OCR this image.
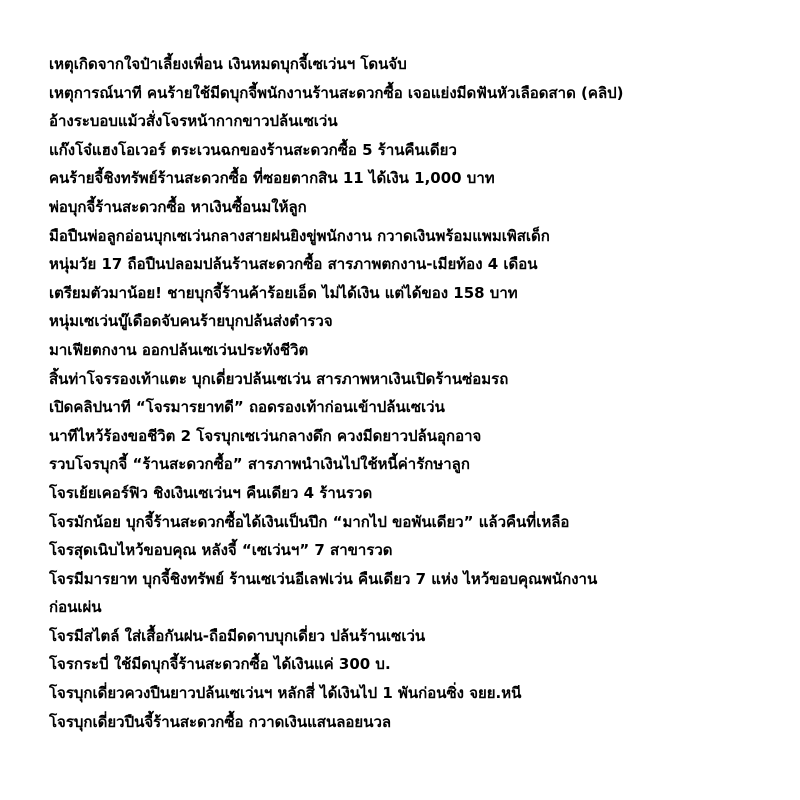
เหตุเกิดจากใจป๋าเลี้ยงเพื่อน เงินหมดบุกจี้เซเว่นฯ โดนจับ
เหตุการณ์นาที คนร้ายใช้มีดบุกจี้พนักงานร้านสะดวกซื้อ เจอแย่งมีดฟันหัวเลือดสาด (คลิป)
อ้างระบอบแม้วสั่งโจรหน้ากากขาวปล้นเซเว่น
แก๊งโจ๋แฮงโอเวอร์ ตระเวนฉกของร้านสะดวกซื้อ 5 ร้านคืนเดียว
คนร้ายจี้ชิงทรัพย์ร้านสะดวกซื้อ ที่ซอยตากสิน 11 ได้เงิน 1,000 บาท
พ่อบุกจี้ร้านสะดวกซื้อ หาเงินซื้อนมให้ลูก
มือปืนพ่อลูกอ่อนบุกเซเว่นกลางสายฝนยิงขู่พนักงาน กวาดเงินพร้อมแพมเพิสเด็ก
หนุ่มวัย 17 ถือปืนปลอมปล้นร้านสะดวกซื้อ สารภาพตกงาน-เมียท้อง 4 เดือน
เตรียมตัวมาน้อย! ชายบุกจี้ร้านค้าร้อยเอ็ด ไม่ได้เงิน แต่ได้ของ 158 บาท
หนุ่มเซเว่นบู๊เดือดจับคนร้ายบุกปล้นส่งตำรวจ
มาเฟียตกงาน ออกปล้นเซเว่นประทังชีวิต
สิ้นท่าโจรรองเท้าแตะ บุกเดี่ยวปล้นเซเว่น สารภาพหาเงินเปิดร้านซ่อมรถ
เปิดคลิปนาที “โจรมารยาทดี” ถอดรองเท้าก่อนเข้าปล้นเซเว่น
นาทีไหว้ร้องขอชีวิต 2 โจรบุกเซเว่นกลางดึก ควงมีดยาวปล้นอุกอาจ
รวบโจรบุกจี้ “ร้านสะดวกซื้อ” สารภาพนำเงินไปใช้หนี้ค่ารักษาลูก
โจรเย้ยเคอร์ฟิว ชิงเงินเซเว่นฯ คืนเดียว 4 ร้านรวด
โจรมักน้อย บุกจี้ร้านสะดวกซื้อได้เงินเป็นปึก “มากไป ขอพันเดียว” แล้วคืนที่เหลือ
โจรสุดเนิบไหว้ขอบคุณ หลังจี้ “เซเว่นฯ” 7 สาขารวด
โจรมีมารยาท บุกจี้ชิงทรัพย์ ร้านเซเว่นอีเลฟเว่น คืนเดียว 7 แห่ง ไหว้ขอบคุณพนักงาน
ก่อนเผ่น
โจรมีสไตล์ ใส่เสื้อกันฝน-ถือมีดดาบบุกเดี่ยว ปล้นร้านเซเว่น
โจรกระบี่ ใช้มีดบุกจี้ร้านสะดวกซื้อ ได้เงินแค่ 300 บ.
โจรบุกเดี่ยวควงปืนยาวปล้นเซเว่นฯ หลักสี่ ได้เงินไป 1 พันก่อนซิ่ง จยย.หนี
โจรบุกเดี่ยวปืนจี้ร้านสะดวกซื้อ กวาดเงินแสนลอยนวล
